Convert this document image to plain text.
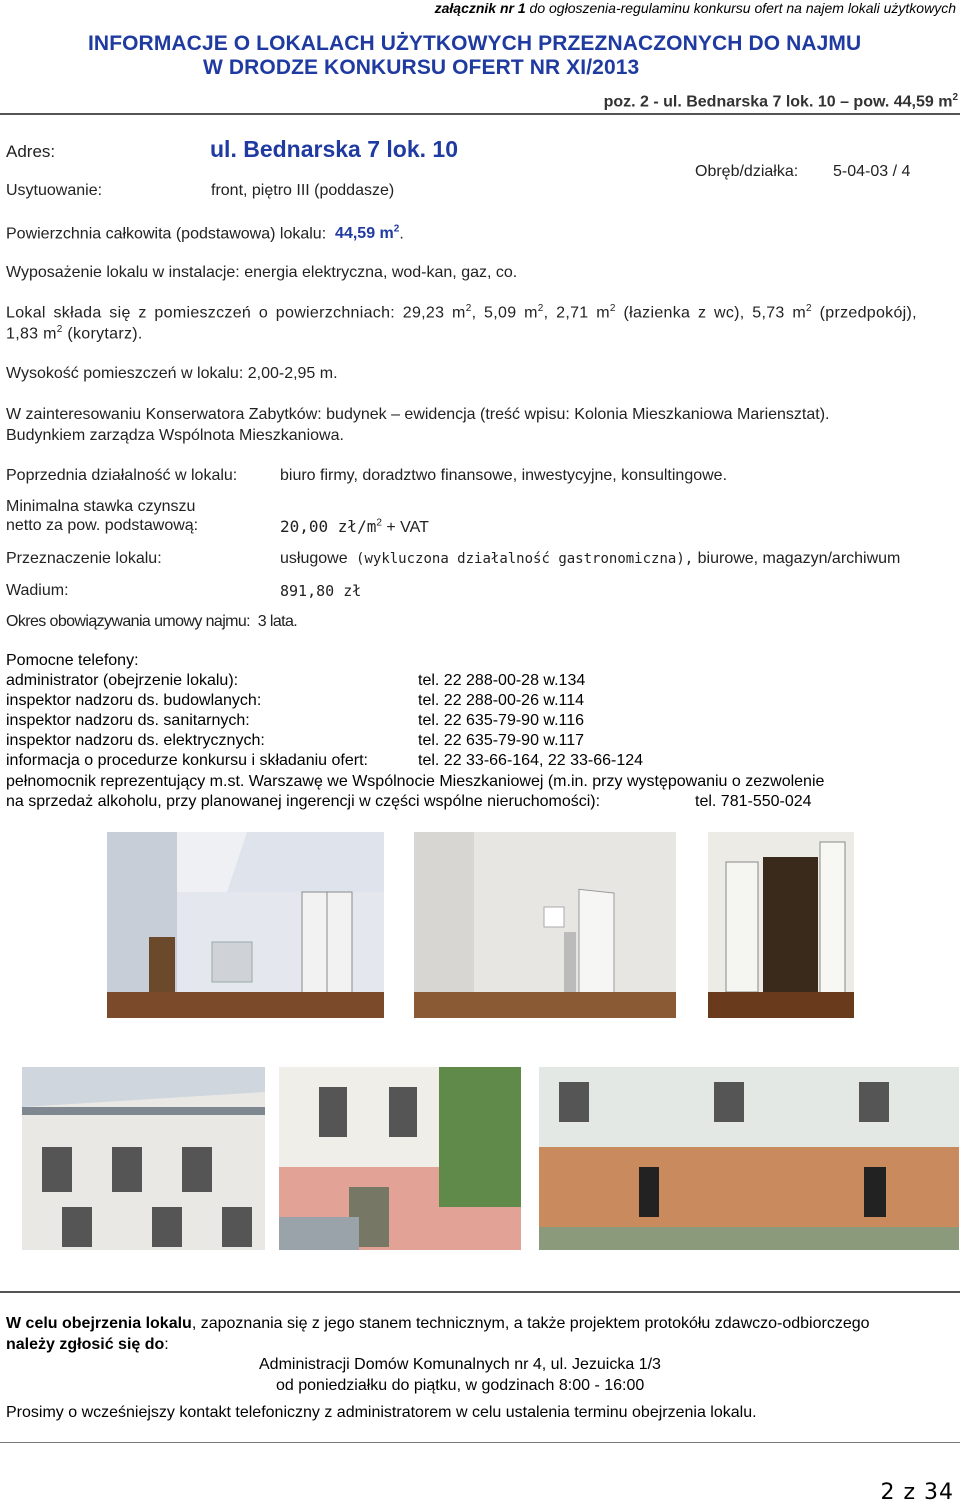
załącznik nr 1 do ogłoszenia-regulaminu konkursu ofert na najem lokali użytkowych
INFORMACJE O LOKALACH UŻYTKOWYCH PRZEZNACZONYCH DO NAJMU
W DRODZE KONKURSU OFERT NR XI/2013
poz. 2 - ul. Bednarska 7 lok. 10 – pow. 44,59 $m^2$
Adres:	ul. Bednarska 7 lok. 10
Usytuowanie:	front, piętro III (poddasze)
Obręb/działka: 5-04-03 / 4
Powierzchnia całkowita (podstawowa) lokalu: 44,59 $m^2$.
Wyposażenie lokalu w instalacje: energia elektryczna, wod-kan, gaz, co.
Lokal składa się z pomieszczeń o powierzchniach: 29,23 $m^2$, 5,09 $m^2$, 2,71 $m^2$ (łazienka z wc), 5,73 $m^2$ (przedpokój),
1,83 $m^2$ (korytarz).
Wysokość pomieszczeń w lokalu: 2,00-2,95 m.
W zainteresowaniu Konserwatora Zabytków: budynek – ewidencja (treść wpisu: Kolonia Mieszkaniowa Mariensztat).
Budynkiem zarządza Wspólnota Mieszkaniowa.
Poprzednia działalność w lokalu:	biuro firmy, doradztwo finansowe, inwestycyjne, konsultingowe.
Minimalna stawka czynszu
netto za pow. podstawową:	20,00 $zł/m^2$ + VAT
Przeznaczenie lokalu:	usługowe (wykluczona działalność gastronomiczna), biurowe, magazyn/archiwum
Wadium:	891,80 zł
Okres obowiązywania umowy najmu: 3 lata.
Pomocne telefony:
administrator (obejrzenie lokalu):	tel. 22 288-00-28 w.134
inspektor nadzoru ds. budowlanych:	tel. 22 288-00-26 w.114
inspektor nadzoru ds. sanitarnych:	tel. 22 635-79-90 w.116
inspektor nadzoru ds. elektrycznych:	tel. 22 635-79-90 w.117
informacja o procedurze konkursu i składaniu ofert:	tel. 22 33-66-164, 22 33-66-124
pełnomocnik reprezentujący m.st. Warszawę we Wspólnocie Mieszkaniowej (m.in. przy występowaniu o zezwolenie
na sprzedaż alkoholu, przy planowanej ingerencji w części wspólne nieruchomości):	tel. 781-550-024
W celu obejrzenia lokalu, zapoznania się z jego stanem technicznym, a także projektem protokółu zdawczo-odbiorczego
należy zgłosić się do:
Administracji Domów Komunalnych nr 4, ul. Jezuicka 1/3
od poniedziałku do piątku, w godzinach 8:00 - 16:00
Prosimy o wcześniejszy kontakt telefoniczny z administratorem w celu ustalenia terminu obejrzenia lokalu.
2 z 34
